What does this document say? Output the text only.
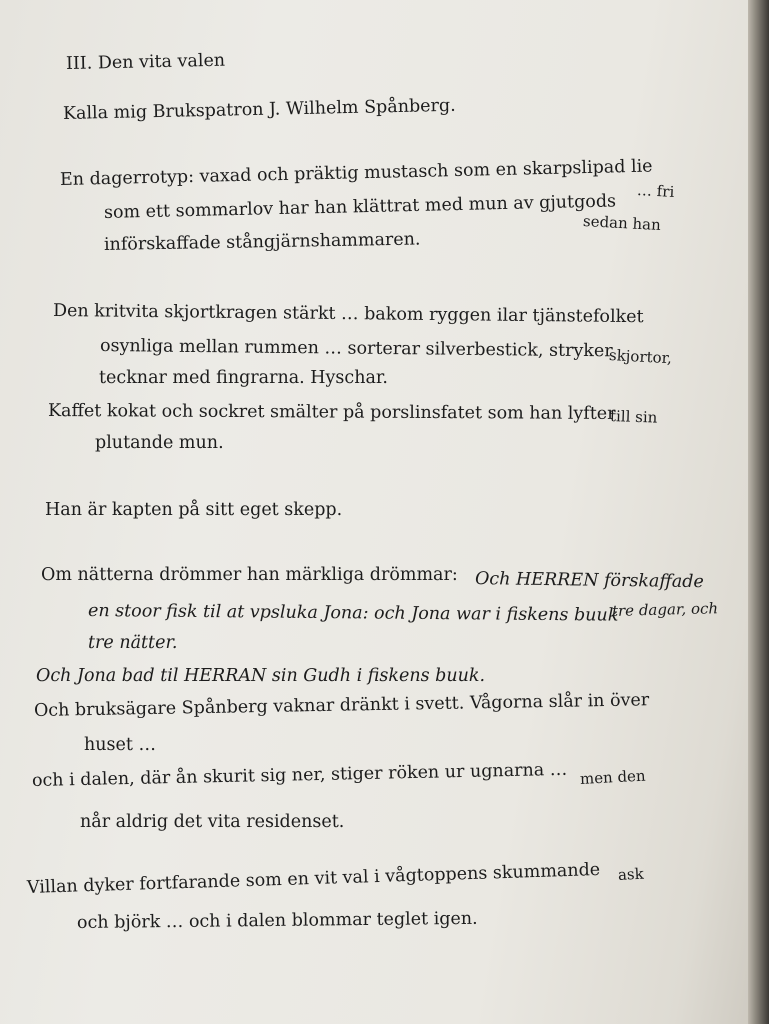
III. Den vita valen
Kalla mig Brukspatron J. Wilhelm Spånberg.
En dagerrotyp: vaxad och präktig mustasch som en skarpslipad lie
… fri
som ett sommarlov har han klättrat med mun av gjutgods
sedan han
införskaffade stångjärnshammaren.
Den kritvita skjortkragen stärkt … bakom ryggen ilar tjänstefolket
osynliga mellan rummen … sorterar silverbestick, stryker
skjortor,
tecknar med fingrarna. Hyschar.
Kaffet kokat och sockret smälter på porslinsfatet som han lyfter
till sin
plutande mun.
Han är kapten på sitt eget skepp.
Om nätterna drömmer han märkliga drömmar: Och HERREN förskaffade
en stoor fisk til at vpsluka Jona: och Jona war i fiskens buuk
tre dagar, och
tre nätter.
Och Jona bad til HERRAN sin Gudh i fiskens buuk.
Och bruksägare Spånberg vaknar dränkt i svett. Vågorna slår in över
huset …
och i dalen, där ån skurit sig ner, stiger röken ur ugnarna … men den
når aldrig det vita residenset.
Villan dyker fortfarande som en vit val i vågtoppens skummande ask
och björk … och i dalen blommar teglet igen.
